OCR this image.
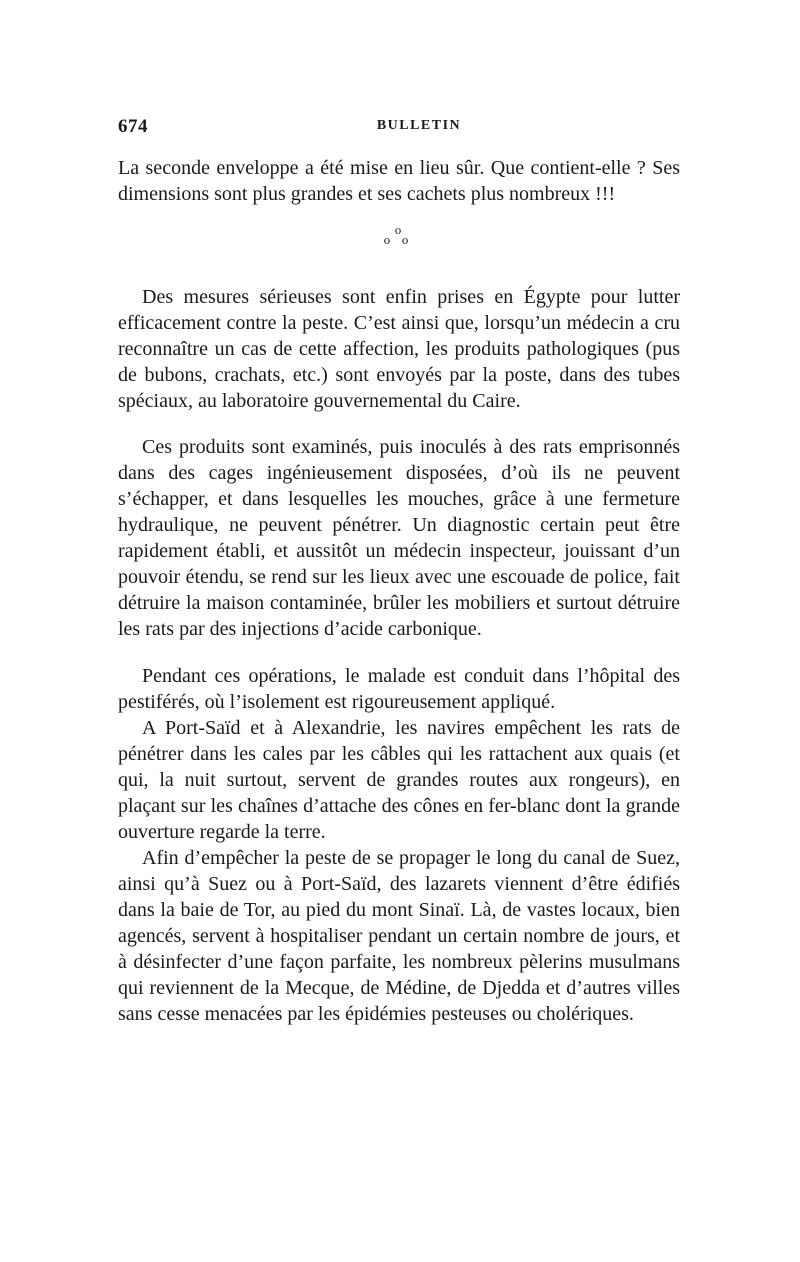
674	BULLETIN

La seconde enveloppe a été mise en lieu sûr. Que contient-elle ? Ses dimensions sont plus grandes et ses cachets plus nombreux !!!

o
o o

Des mesures sérieuses sont enfin prises en Égypte pour lutter efficacement contre la peste. C’est ainsi que, lorsqu’un médecin a cru reconnaître un cas de cette affection, les produits pathologiques (pus de bubons, crachats, etc.) sont envoyés par la poste, dans des tubes spéciaux, au laboratoire gouvernemental du Caire.

Ces produits sont examinés, puis inoculés à des rats emprisonnés dans des cages ingénieusement disposées, d’où ils ne peuvent s’échapper, et dans lesquelles les mouches, grâce à une fermeture hydraulique, ne peuvent pénétrer. Un diagnostic certain peut être rapidement établi, et aussitôt un médecin inspecteur, jouissant d’un pouvoir étendu, se rend sur les lieux avec une escouade de police, fait détruire la maison contaminée, brûler les mobiliers et surtout détruire les rats par des injections d’acide carbonique.

Pendant ces opérations, le malade est conduit dans l’hôpital des pestiférés, où l’isolement est rigoureusement appliqué.

A Port-Saïd et à Alexandrie, les navires empêchent les rats de pénétrer dans les cales par les câbles qui les rattachent aux quais (et qui, la nuit surtout, servent de grandes routes aux rongeurs), en plaçant sur les chaînes d’attache des cônes en fer-blanc dont la grande ouverture regarde la terre.

Afin d’empêcher la peste de se propager le long du canal de Suez, ainsi qu’à Suez ou à Port-Saïd, des lazarets viennent d’être édifiés dans la baie de Tor, au pied du mont Sinaï. Là, de vastes locaux, bien agencés, servent à hospitaliser pendant un certain nombre de jours, et à désinfecter d’une façon parfaite, les nombreux pèlerins musulmans qui reviennent de la Mecque, de Médine, de Djedda et d’autres villes sans cesse menacées par les épidémies pesteuses ou cholériques.
